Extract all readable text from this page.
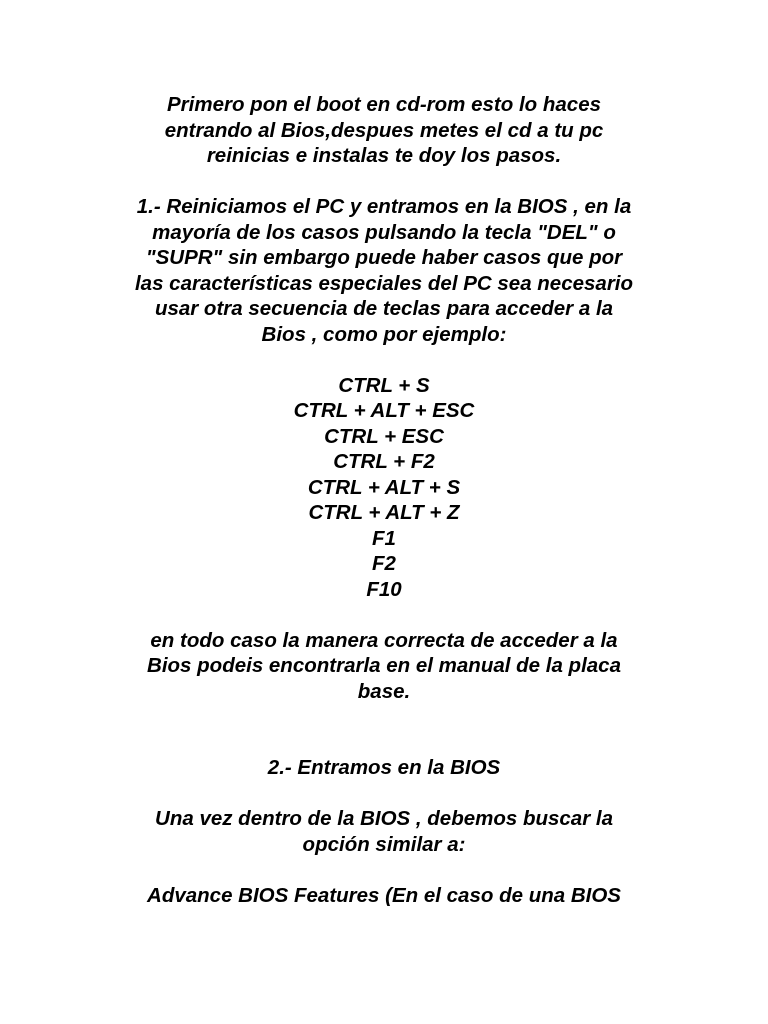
Primero pon el boot en cd-rom esto lo haces
entrando al Bios,despues metes el cd a tu pc
reinicias e instalas te doy los pasos.
1.- Reiniciamos el PC y entramos en la BIOS , en la
mayoría de los casos pulsando la tecla "DEL" o
"SUPR" sin embargo puede haber casos que por
las características especiales del PC sea necesario
usar otra secuencia de teclas para acceder a la
Bios , como por ejemplo:
CTRL + S
CTRL + ALT + ESC
CTRL + ESC
CTRL + F2
CTRL + ALT + S
CTRL + ALT + Z
F1
F2
F10
en todo caso la manera correcta de acceder a la
Bios podeis encontrarla en el manual de la placa
base.
2.- Entramos en la BIOS
Una vez dentro de la BIOS , debemos buscar la
opción similar a:
Advance BIOS Features (En el caso de una BIOS
